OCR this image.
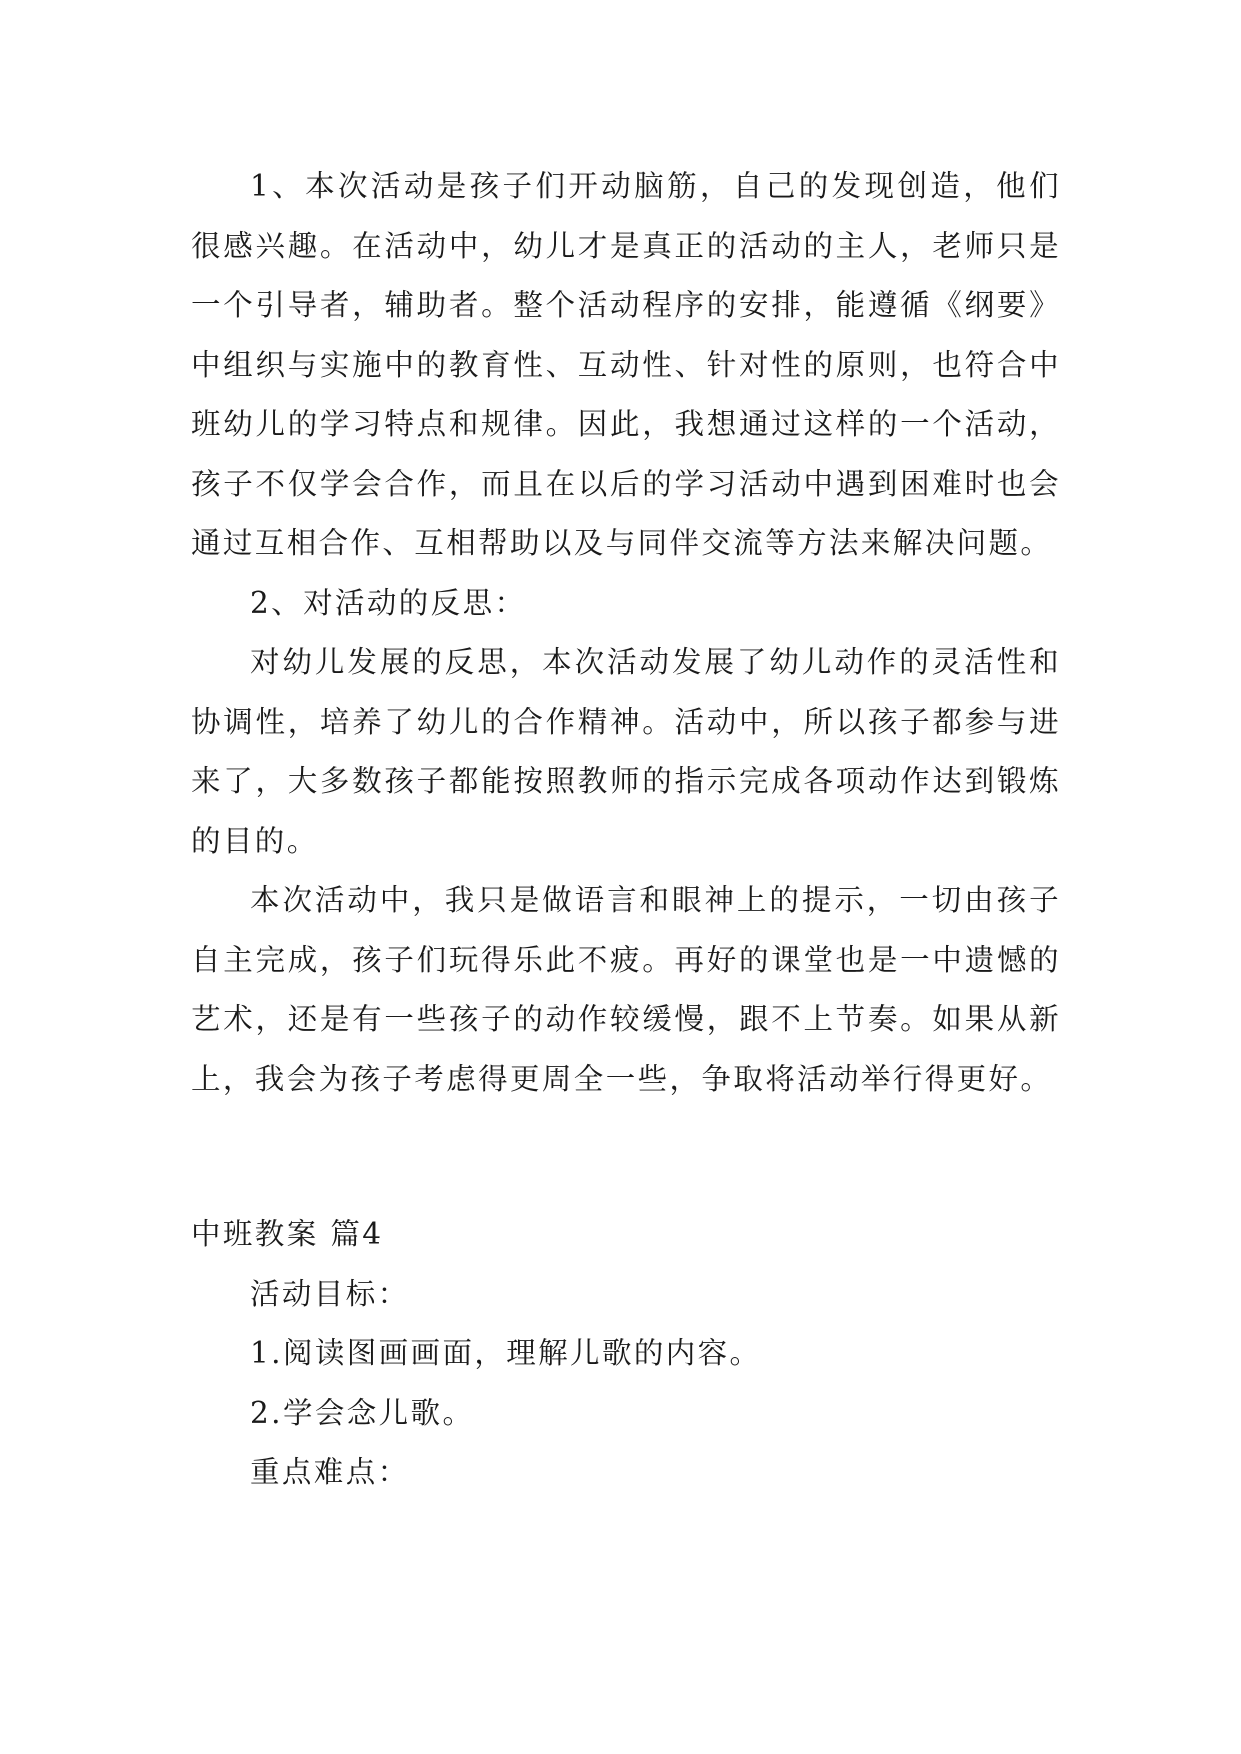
1、本次活动是孩子们开动脑筋，自己的发现创造，他们很感兴趣。在活动中，幼儿才是真正的活动的主人，老师只是一个引导者，辅助者。整个活动程序的安排，能遵循《纲要》中组织与实施中的教育性、互动性、针对性的原则，也符合中班幼儿的学习特点和规律。因此，我想通过这样的一个活动，孩子不仅学会合作，而且在以后的学习活动中遇到困难时也会通过互相合作、互相帮助以及与同伴交流等方法来解决问题。

2、对活动的反思：

对幼儿发展的反思，本次活动发展了幼儿动作的灵活性和协调性，培养了幼儿的合作精神。活动中，所以孩子都参与进来了，大多数孩子都能按照教师的指示完成各项动作达到锻炼的目的。

本次活动中，我只是做语言和眼神上的提示，一切由孩子自主完成，孩子们玩得乐此不疲。再好的课堂也是一中遗憾的艺术，还是有一些孩子的动作较缓慢，跟不上节奏。如果从新上，我会为孩子考虑得更周全一些，争取将活动举行得更好。

中班教案 篇4

活动目标：

1.阅读图画画面，理解儿歌的内容。

2.学会念儿歌。

重点难点：
